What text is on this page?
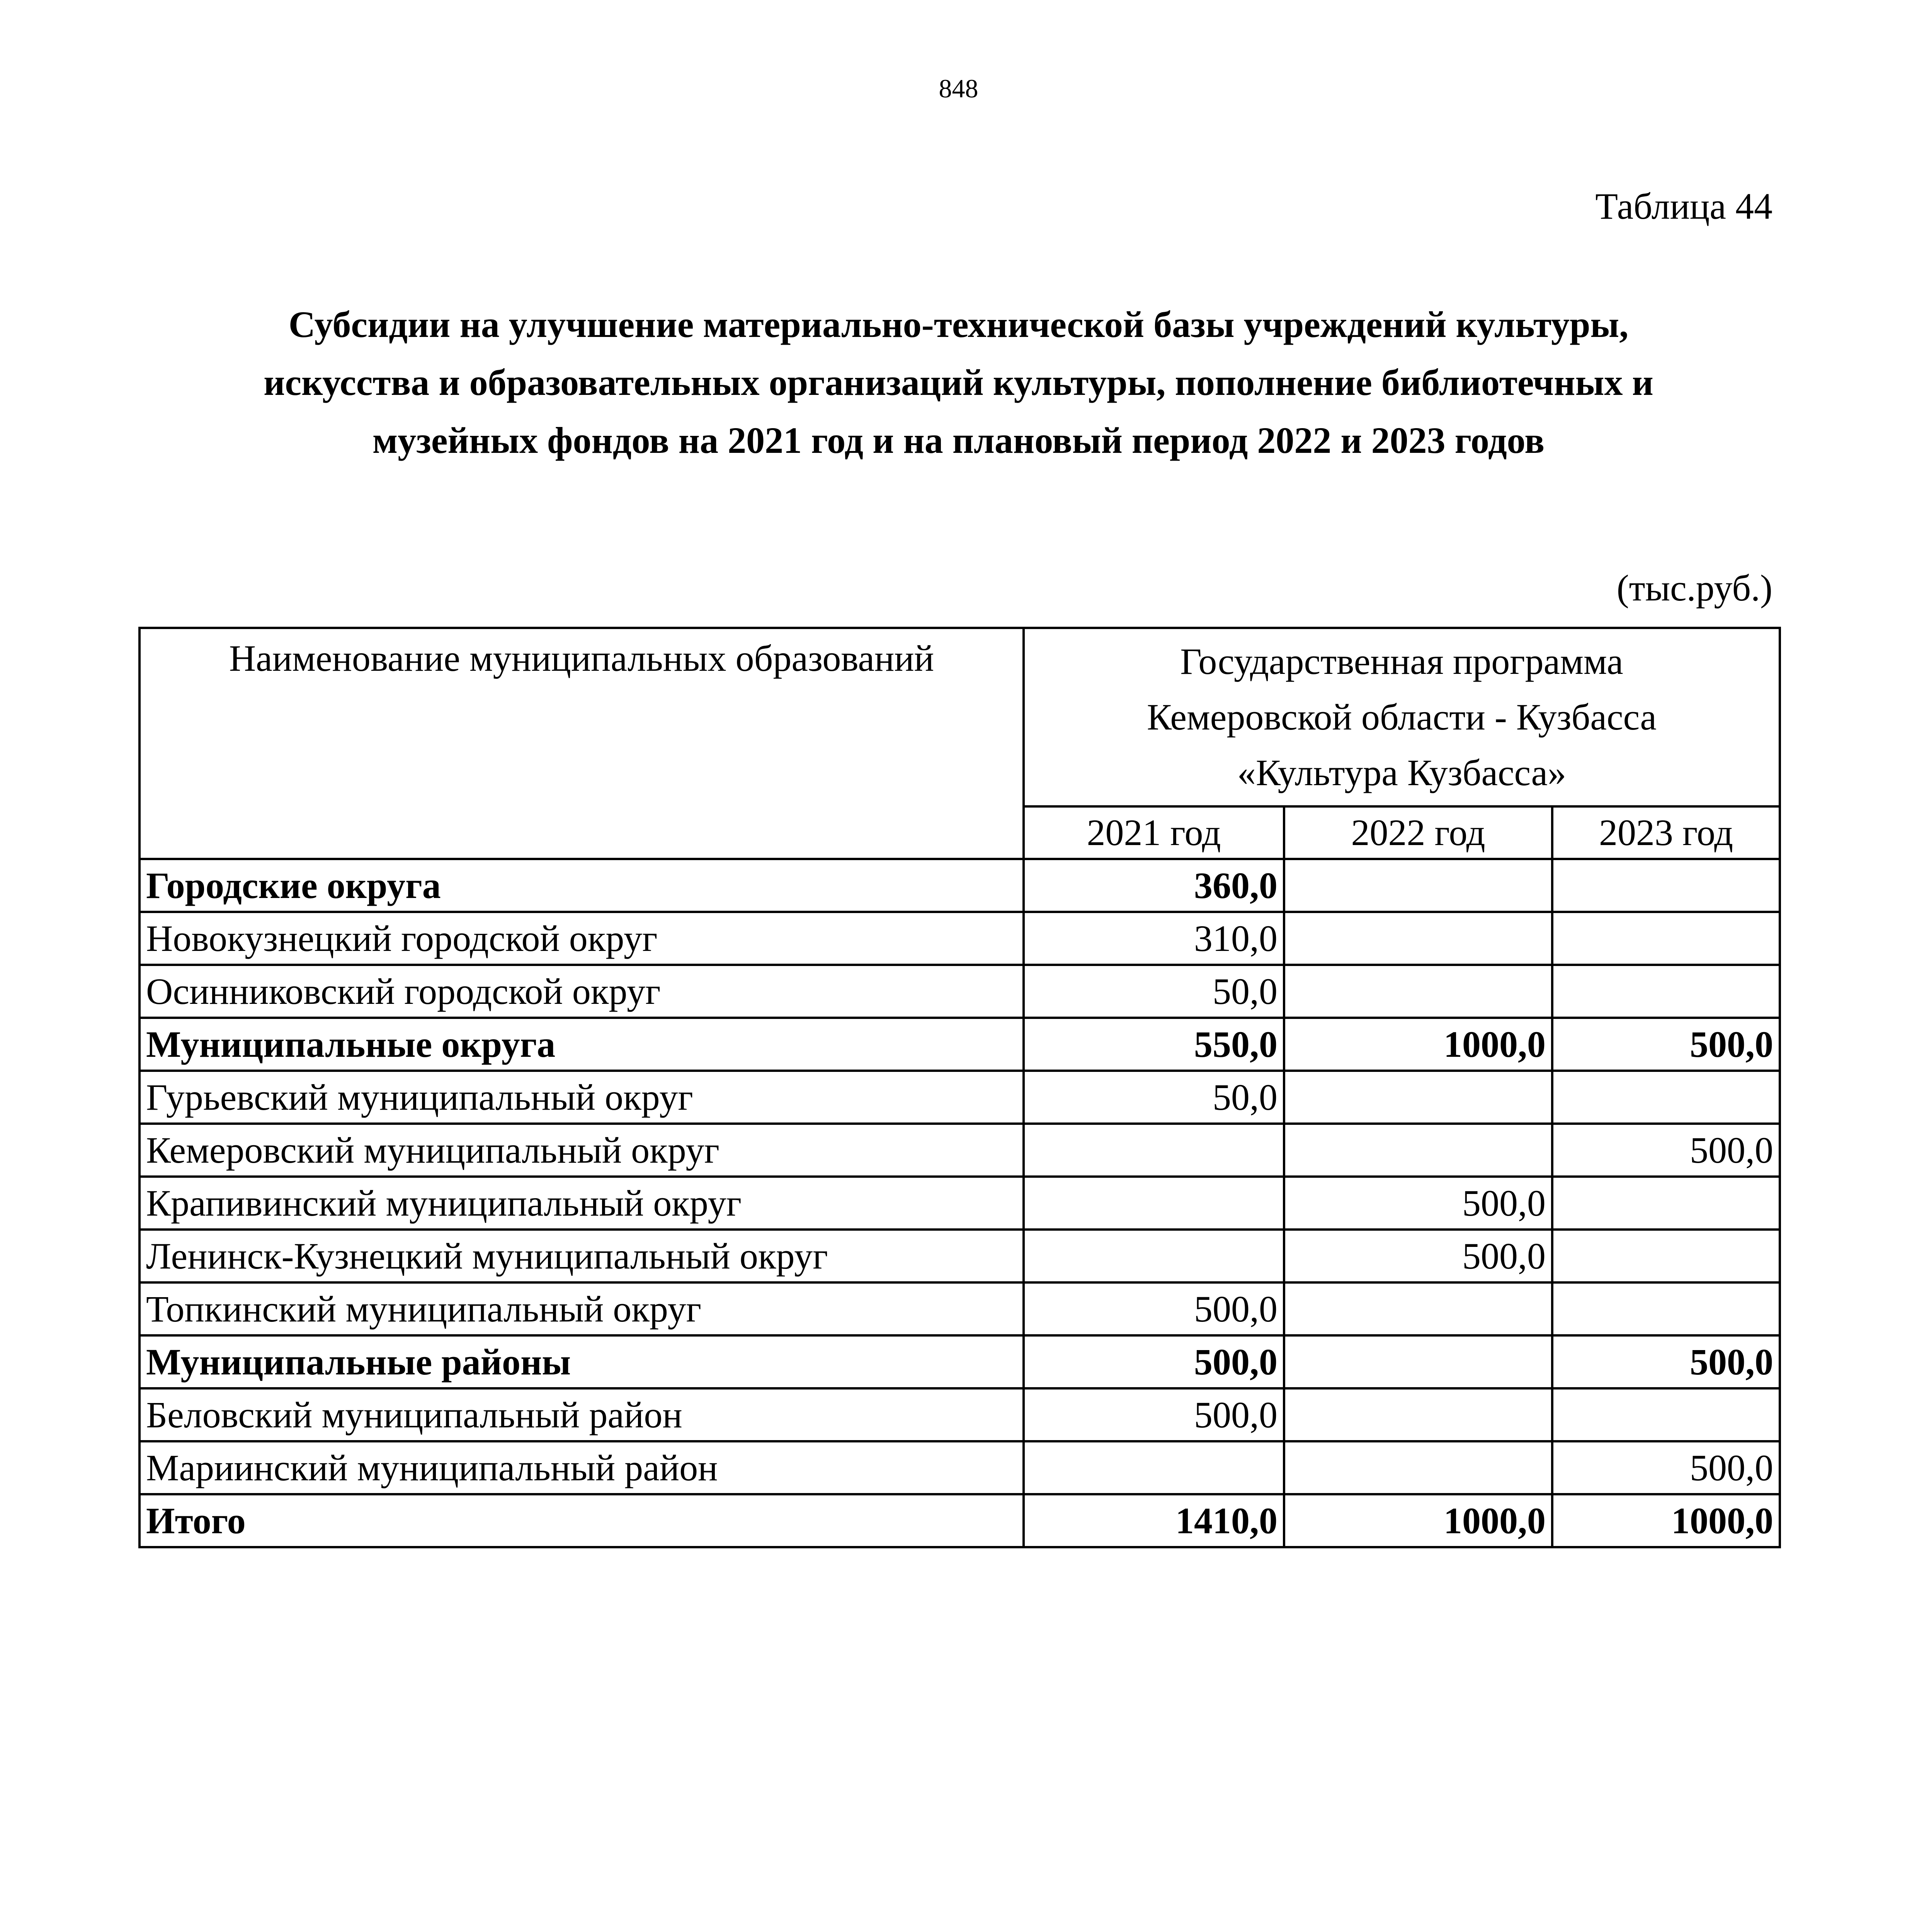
848
Таблица 44
Субсидии на улучшение материально-технической базы учреждений культуры,
искусства и образовательных организаций культуры, пополнение библиотечных и
музейных фондов на 2021 год и на плановый период 2022 и 2023 годов
(тыс.руб.)
Наименование муниципальных образований	Государственная программа
Кемеровской области - Кузбасса
«Культура Кузбасса»		

	2021 год	2022 год	2023 год
Городские округа	360,0		
Новокузнецкий городской округ	310,0		
Осинниковский городской округ	50,0		
Муниципальные округа	550,0	1000,0	500,0
Гурьевский муниципальный округ	50,0		
Кемеровский муниципальный округ			500,0
Крапивинский муниципальный округ		500,0	
Ленинск-Кузнецкий муниципальный округ		500,0	
Топкинский муниципальный округ	500,0		
Муниципальные районы	500,0		500,0
Беловский муниципальный район	500,0		
Мариинский муниципальный район			500,0
Итого	1410,0	1000,0	1000,0
